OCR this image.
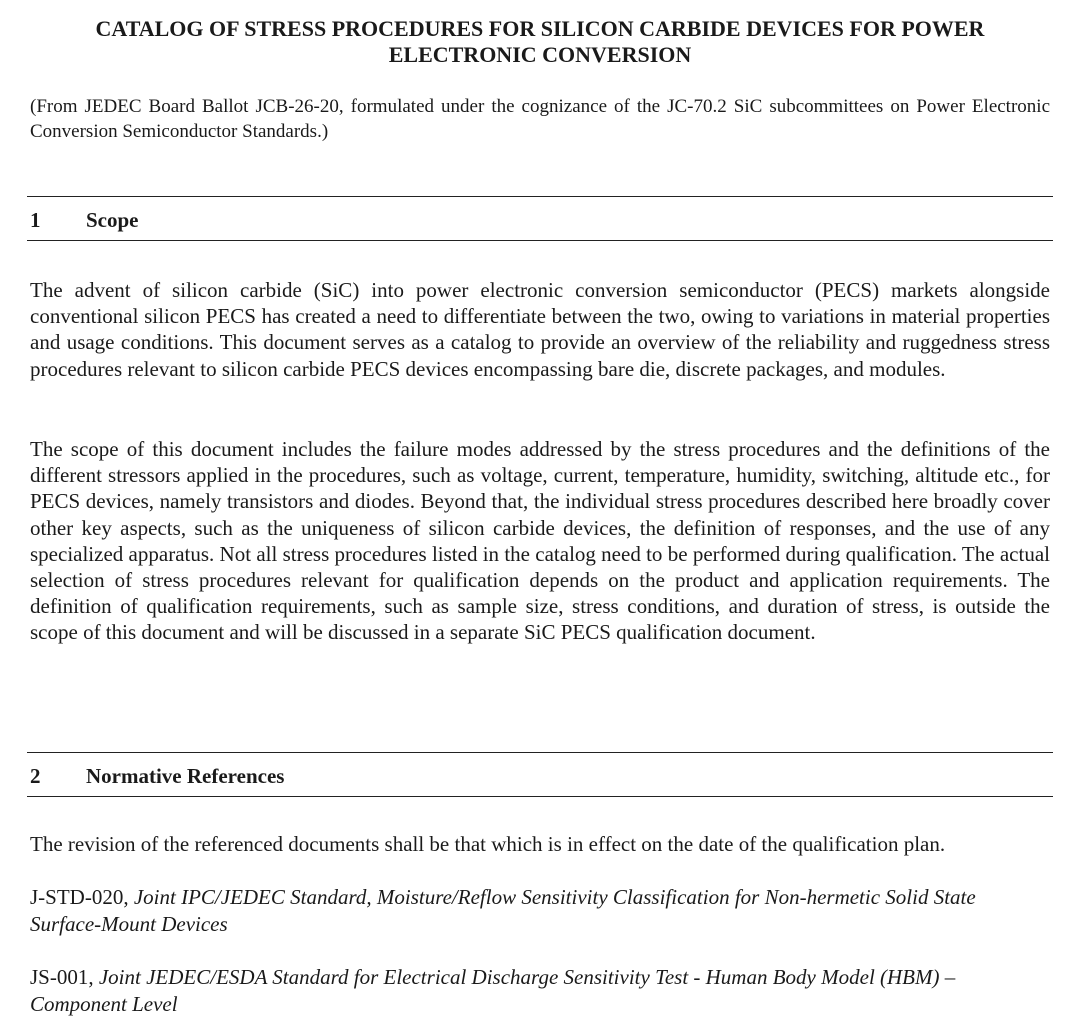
CATALOG OF STRESS PROCEDURES FOR SILICON CARBIDE DEVICES FOR POWER ELECTRONIC CONVERSION

(From JEDEC Board Ballot JCB-26-20, formulated under the cognizance of the JC-70.2 SiC subcommittees on Power Electronic Conversion Semiconductor Standards.)

1	Scope

The advent of silicon carbide (SiC) into power electronic conversion semiconductor (PECS) markets alongside conventional silicon PECS has created a need to differentiate between the two, owing to variations in material properties and usage conditions. This document serves as a catalog to provide an overview of the reliability and ruggedness stress procedures relevant to silicon carbide PECS devices encompassing bare die, discrete packages, and modules.

The scope of this document includes the failure modes addressed by the stress procedures and the definitions of the different stressors applied in the procedures, such as voltage, current, temperature, humidity, switching, altitude etc., for PECS devices, namely transistors and diodes. Beyond that, the individual stress procedures described here broadly cover other key aspects, such as the uniqueness of silicon carbide devices, the definition of responses, and the use of any specialized apparatus. Not all stress procedures listed in the catalog need to be performed during qualification. The actual selection of stress procedures relevant for qualification depends on the product and application requirements. The definition of qualification requirements, such as sample size, stress conditions, and duration of stress, is outside the scope of this document and will be discussed in a separate SiC PECS qualification document.

2	Normative References

The revision of the referenced documents shall be that which is in effect on the date of the qualification plan.

J-STD-020, Joint IPC/JEDEC Standard, Moisture/Reflow Sensitivity Classification for Non-hermetic Solid State Surface-Mount Devices

JS-001, Joint JEDEC/ESDA Standard for Electrical Discharge Sensitivity Test - Human Body Model (HBM) – Component Level
